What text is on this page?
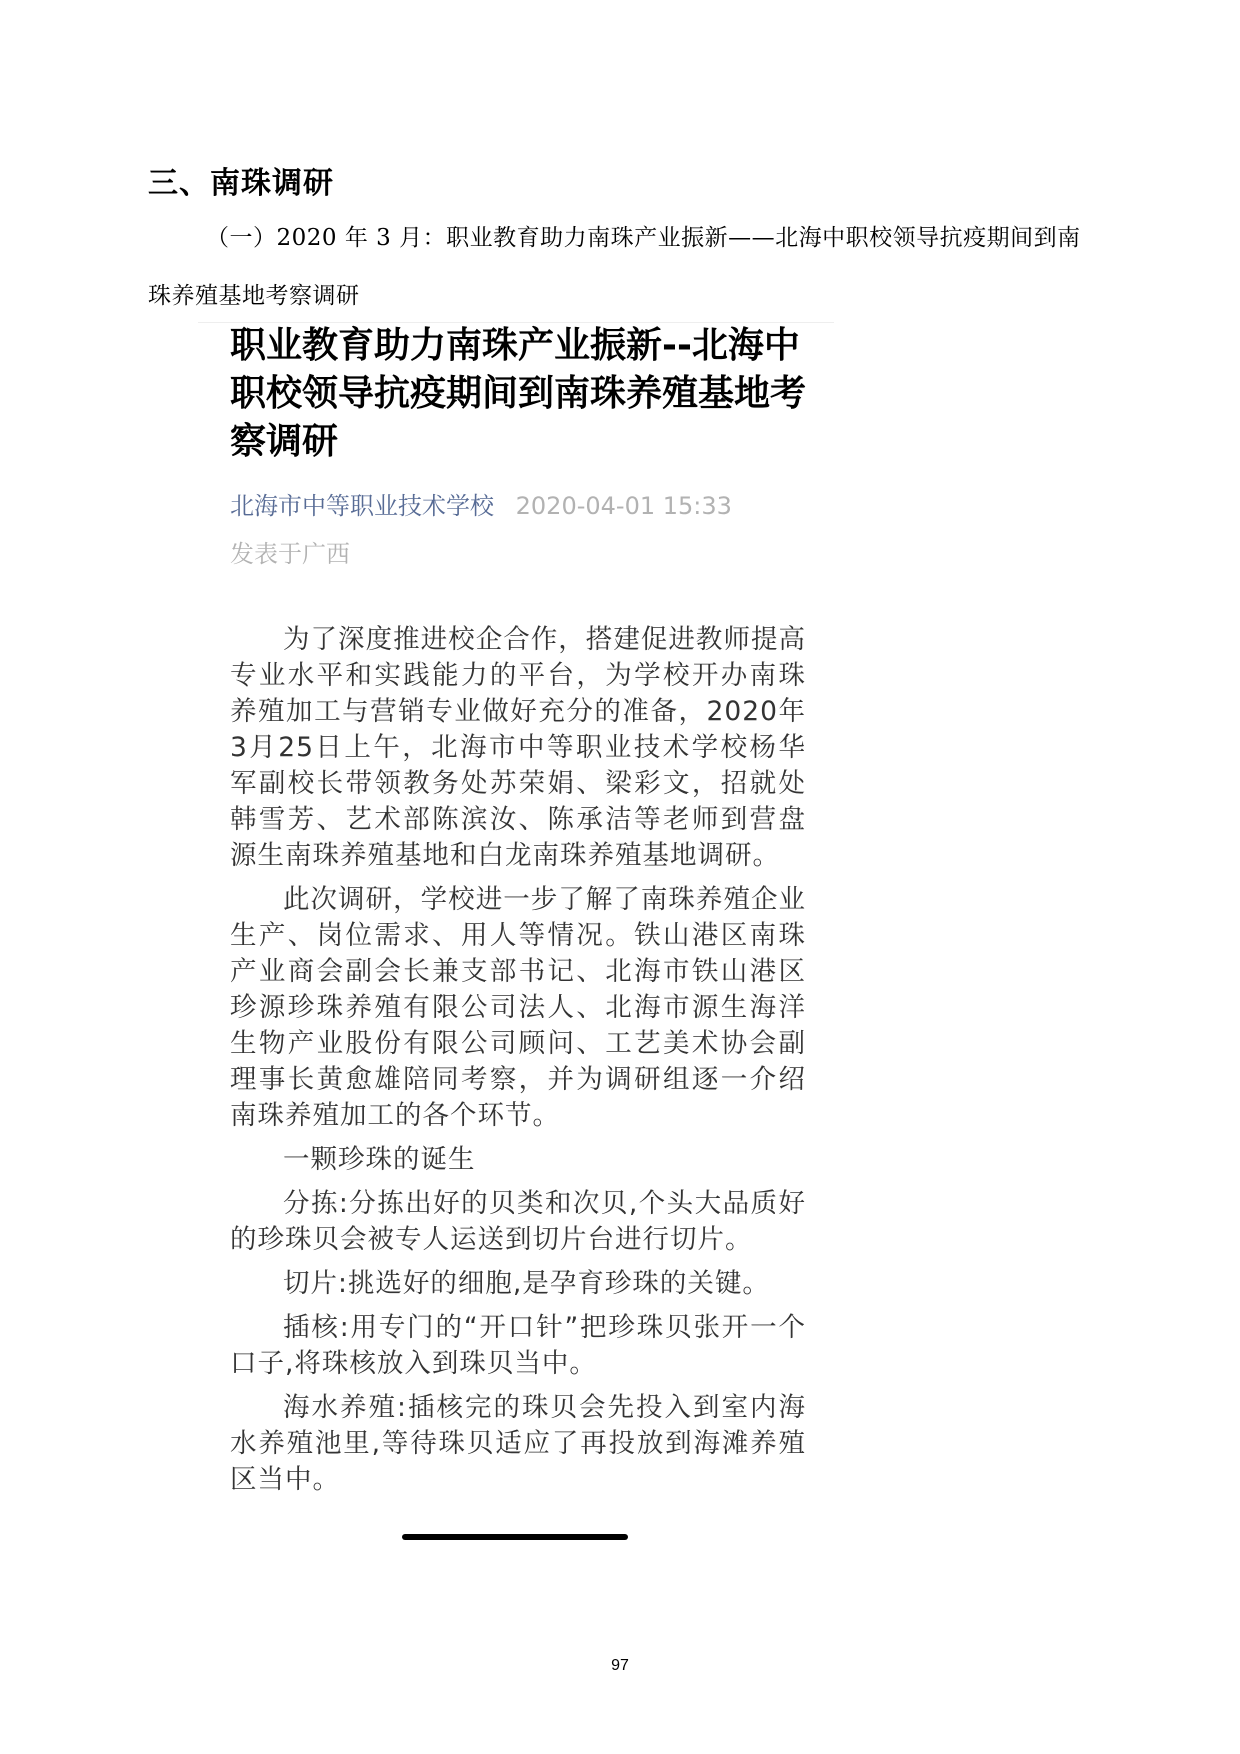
三、南珠调研
（一）2020 年 3 月：职业教育助力南珠产业振新——北海中职校领导抗疫期间到南
珠养殖基地考察调研
职业教育助力南珠产业振新--北海中职校领导抗疫期间到南珠养殖基地考察调研
北海市中等职业技术学校 2020-04-01 15:33
发表于广西

为了深度推进校企合作，搭建促进教师提高专业水平和实践能力的平台，为学校开办南珠养殖加工与营销专业做好充分的准备，2020年3月25日上午，北海市中等职业技术学校杨华军副校长带领教务处苏荣娟、梁彩文，招就处韩雪芳、艺术部陈滨汝、陈承洁等老师到营盘源生南珠养殖基地和白龙南珠养殖基地调研。

此次调研，学校进一步了解了南珠养殖企业生产、岗位需求、用人等情况。铁山港区南珠产业商会副会长兼支部书记、北海市铁山港区珍源珍珠养殖有限公司法人、北海市源生海洋生物产业股份有限公司顾问、工艺美术协会副理事长黄愈雄陪同考察，并为调研组逐一介绍南珠养殖加工的各个环节。

一颗珍珠的诞生

分拣:分拣出好的贝类和次贝,个头大品质好的珍珠贝会被专人运送到切片台进行切片。

切片:挑选好的细胞,是孕育珍珠的关键。

插核:用专门的“开口针”把珍珠贝张开一个口子,将珠核放入到珠贝当中。

海水养殖:插核完的珠贝会先投入到室内海水养殖池里,等待珠贝适应了再投放到海滩养殖区当中。

97
